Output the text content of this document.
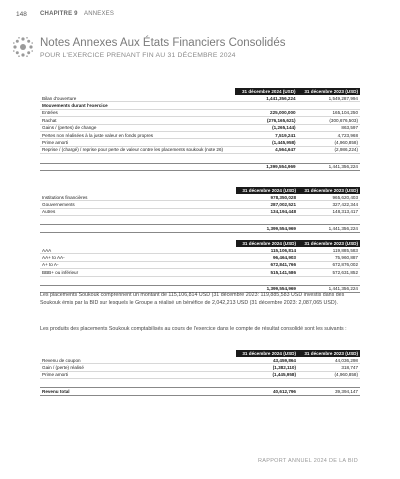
148 CHAPITRE 9 ANNEXES
Notes Annexes Aux États Financiers Consolidés
POUR L'EXERCICE PRENANT FIN AU 31 DÉCEMBRE 2024
	31 décembre 2024 (USD)	31 décembre 2023 (USD)
Bilan d'ouverture	1,441,356,224	1,549,287,994
Mouvements durant l'exercice		
Entrées	225,000,000	165,104,250
Rachat	(276,165,621)	(300,676,503)
Gains / (pertes) de change	(1,265,144)	863,597
Pertes non réalisées à la juste valeur en fonds propres	7,519,241	4,723,968
Prime amorti	(1,445,958)	(4,960,858)
Reprise / (chargé) / reprise pour perte de valeur contre les placements soukouk (note 26)	4,564,647	(2,986,224)

	1,399,554,969	1,441,356,224
	31 décembre 2024 (USD)	31 décembre 2023 (USD)
Institutions financières	978,350,028	965,620,403
Gouvernements	287,002,521	327,422,344
Autres	134,194,448	148,313,417

	1,399,554,969	1,441,356,224
	31 décembre 2024 (USD)	31 décembre 2023 (USD)
AAA	115,106,814	119,885,583
AA+ to AA-	96,464,903	75,960,887
A+ to A-	672,841,766	672,876,002
BBB+ ou inférieur	515,141,586	572,631,852

	1,399,554,969	1,441,356,224

Les placements Soukouk comprennent un montant de 115,106,814 USD (31 décembre 2023: 119,885,583 USD investis dans des Soukouk émis par la BID sur lesquels le Groupe a réalisé un bénéfice de 2,042,213 USD (31 décembre 2023: 2,087,065 USD).

Les produits des placements Soukouk comptabilisés au cours de l'exercice dans le compte de résultat consolidé sont les suivants :

	31 décembre 2024 (USD)	31 décembre 2023 (USD)
Revenu de coupon	43,459,864	44,036,298
Gain / (perte) réalisé	(1,382,110)	318,747
Prime amorti	(1,445,958)	(4,960,858)

Revenu total	40,612,796	39,394,147
RAPPORT ANNUEL 2024 DE LA BID
